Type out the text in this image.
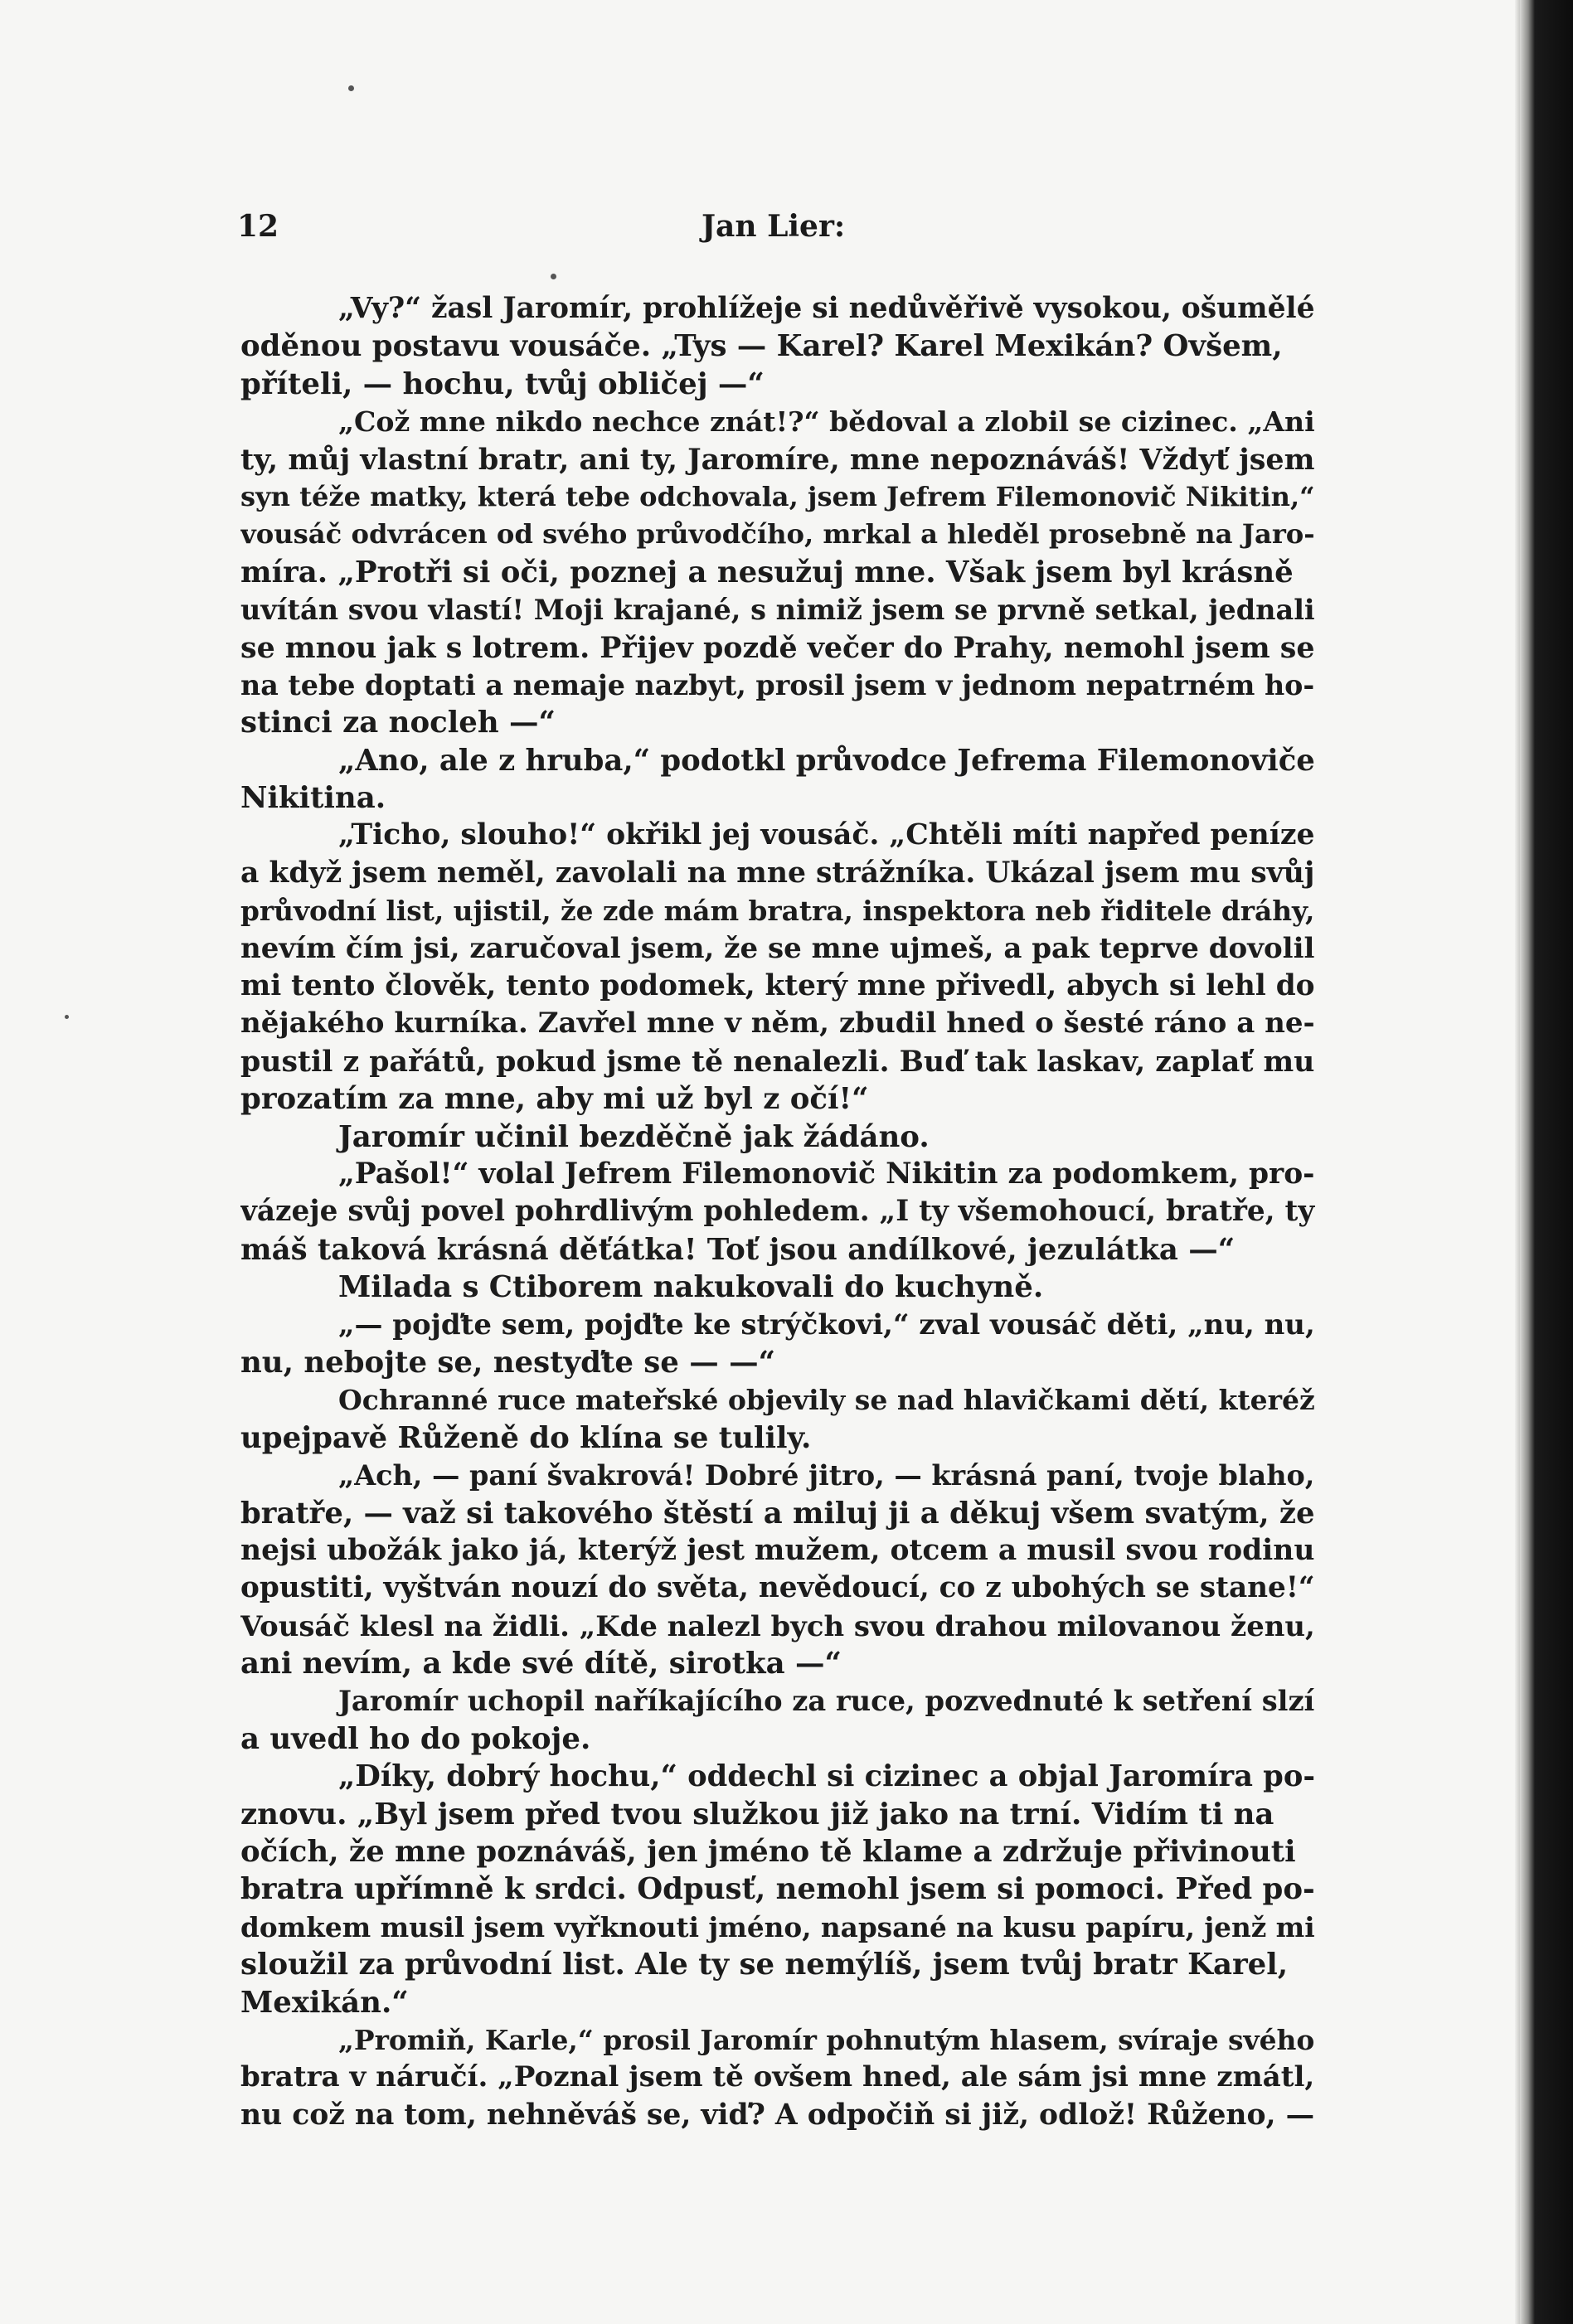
12	Jan Lier:
„Vy?“ žasl Jaromír, prohlížeje si nedůvěřivě vysokou, ošumělé
oděnou postavu vousáče. „Tys — Karel? Karel Mexikán? Ovšem,
příteli, — hochu, tvůj obličej —“
„Což mne nikdo nechce znát!?“ bědoval a zlobil se cizinec. „Ani
ty, můj vlastní bratr, ani ty, Jaromíre, mne nepoznáváš! Vždyť jsem
syn téže matky, která tebe odchovala, jsem Jefrem Filemonovič Nikitin,“
vousáč odvrácen od svého průvodčího, mrkal a hleděl prosebně na Jaro-
míra. „Protři si oči, poznej a nesužuj mne. Však jsem byl krásně
uvítán svou vlastí! Moji krajané, s nimiž jsem se prvně setkal, jednali
se mnou jak s lotrem. Přijev pozdě večer do Prahy, nemohl jsem se
na tebe doptati a nemaje nazbyt, prosil jsem v jednom nepatrném ho-
stinci za nocleh —“
„Ano, ale z hruba,“ podotkl průvodce Jefrema Filemonoviče
Nikitina.
„Ticho, slouho!“ okřikl jej vousáč. „Chtěli míti napřed peníze
a když jsem neměl, zavolali na mne strážníka. Ukázal jsem mu svůj
průvodní list, ujistil, že zde mám bratra, inspektora neb řiditele dráhy,
nevím čím jsi, zaručoval jsem, že se mne ujmeš, a pak teprve dovolil
mi tento člověk, tento podomek, který mne přivedl, abych si lehl do
nějakého kurníka. Zavřel mne v něm, zbudil hned o šesté ráno a ne-
pustil z pařátů, pokud jsme tě nenalezli. Buď tak laskav, zaplať mu
prozatím za mne, aby mi už byl z očí!“
Jaromír učinil bezděčně jak žádáno.
„Pašol!“ volal Jefrem Filemonovič Nikitin za podomkem, pro-
vázeje svůj povel pohrdlivým pohledem. „I ty všemohoucí, bratře, ty
máš taková krásná děťátka! Toť jsou andílkové, jezulátka —“
Milada s Ctiborem nakukovali do kuchyně.
„— pojďte sem, pojďte ke strýčkovi,“ zval vousáč děti, „nu, nu,
nu, nebojte se, nestyďte se — —“
Ochranné ruce mateřské objevily se nad hlavičkami dětí, kteréž
upejpavě Růženě do klína se tulily.
„Ach, — paní švakrová! Dobré jitro, — krásná paní, tvoje blaho,
bratře, — važ si takového štěstí a miluj ji a děkuj všem svatým, že
nejsi ubožák jako já, kterýž jest mužem, otcem a musil svou rodinu
opustiti, vyštván nouzí do světa, nevědoucí, co z ubohých se stane!“
Vousáč klesl na židli. „Kde nalezl bych svou drahou milovanou ženu,
ani nevím, a kde své dítě, sirotka —“
Jaromír uchopil naříkajícího za ruce, pozvednuté k setření slzí
a uvedl ho do pokoje.
„Díky, dobrý hochu,“ oddechl si cizinec a objal Jaromíra po-
znovu. „Byl jsem před tvou služkou již jako na trní. Vidím ti na
očích, že mne poznáváš, jen jméno tě klame a zdržuje přivinouti
bratra upřímně k srdci. Odpusť, nemohl jsem si pomoci. Před po-
domkem musil jsem vyřknouti jméno, napsané na kusu papíru, jenž mi
sloužil za průvodní list. Ale ty se nemýlíš, jsem tvůj bratr Karel,
Mexikán.“
„Promiň, Karle,“ prosil Jaromír pohnutým hlasem, svíraje svého
bratra v náručí. „Poznal jsem tě ovšem hned, ale sám jsi mne zmátl,
nu což na tom, nehněváš se, viď? A odpočiň si již, odlož! Růženo, —
